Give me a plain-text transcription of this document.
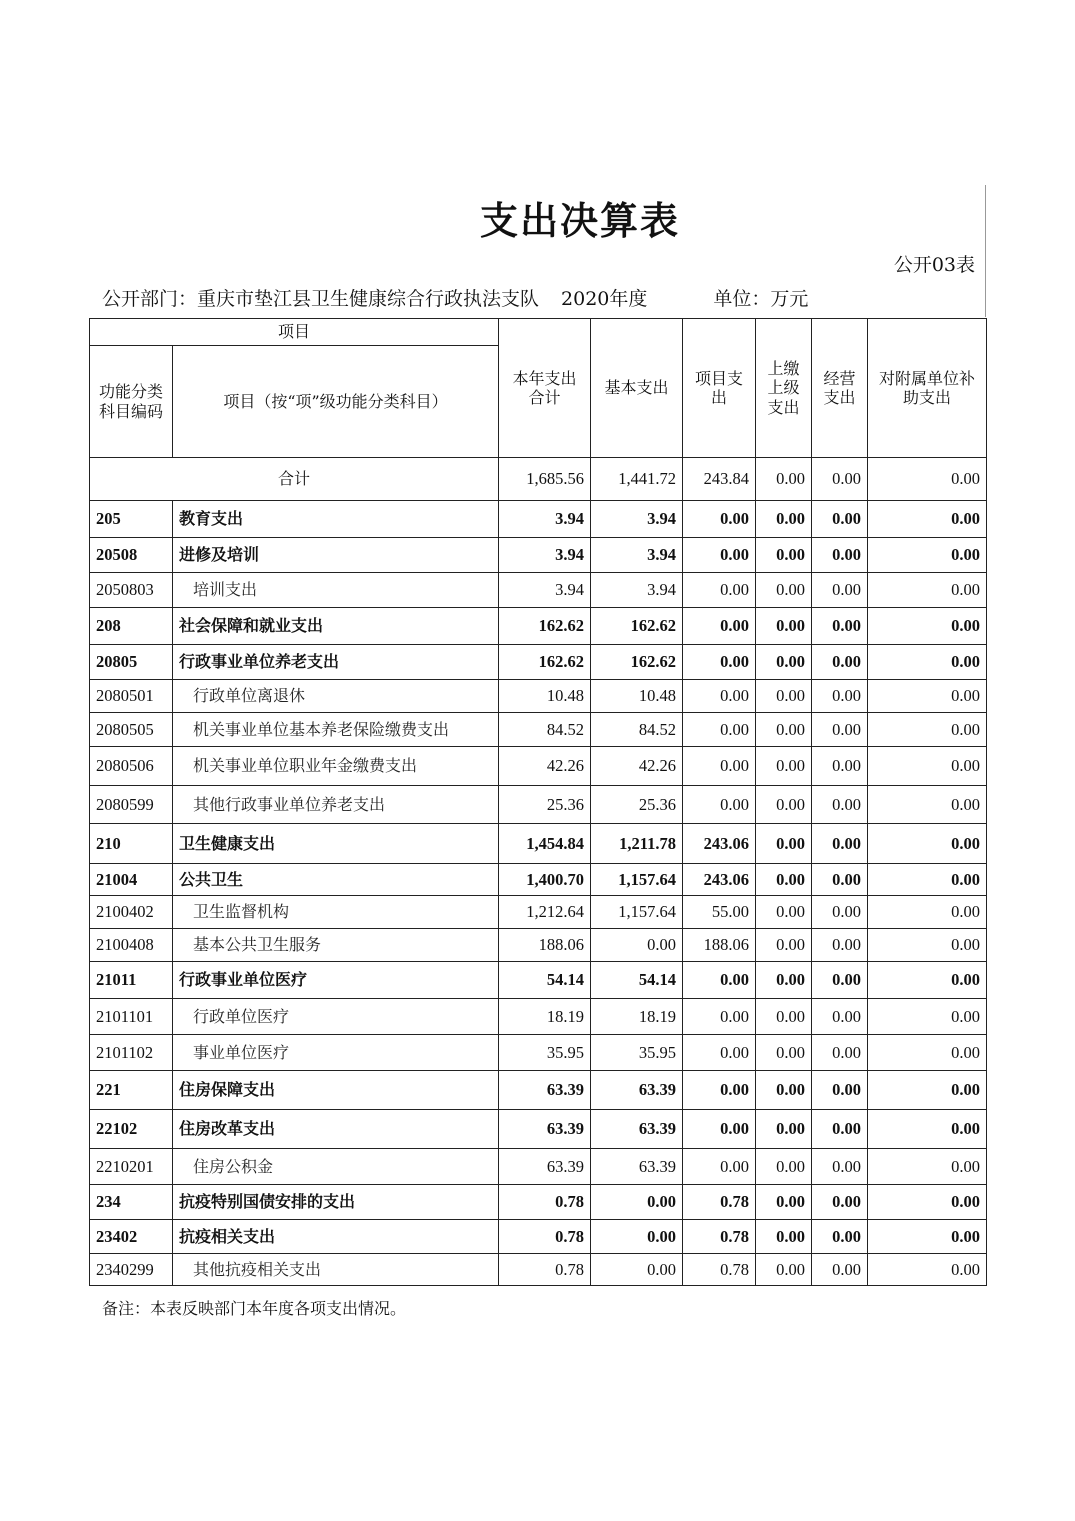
支出决算表
公开03表
公开部门：重庆市垫江县卫生健康综合行政执法支队 2020年度	单位：万元
项目		本年支出合计	基本支出	项目支出	上缴上级支出	经营支出	对附属单位补助支出
功能分类科目编码	项目（按“项”级功能分类科目）						
合计		1,685.56	1,441.72	243.84	0.00	0.00	0.00
205	教育支出	3.94	3.94	0.00	0.00	0.00	0.00
20508	进修及培训	3.94	3.94	0.00	0.00	0.00	0.00
2050803	培训支出	3.94	3.94	0.00	0.00	0.00	0.00
208	社会保障和就业支出	162.62	162.62	0.00	0.00	0.00	0.00
20805	行政事业单位养老支出	162.62	162.62	0.00	0.00	0.00	0.00
2080501	行政单位离退休	10.48	10.48	0.00	0.00	0.00	0.00
2080505	机关事业单位基本养老保险缴费支出	84.52	84.52	0.00	0.00	0.00	0.00
2080506	机关事业单位职业年金缴费支出	42.26	42.26	0.00	0.00	0.00	0.00
2080599	其他行政事业单位养老支出	25.36	25.36	0.00	0.00	0.00	0.00
210	卫生健康支出	1,454.84	1,211.78	243.06	0.00	0.00	0.00
21004	公共卫生	1,400.70	1,157.64	243.06	0.00	0.00	0.00
2100402	卫生监督机构	1,212.64	1,157.64	55.00	0.00	0.00	0.00
2100408	基本公共卫生服务	188.06	0.00	188.06	0.00	0.00	0.00
21011	行政事业单位医疗	54.14	54.14	0.00	0.00	0.00	0.00
2101101	行政单位医疗	18.19	18.19	0.00	0.00	0.00	0.00
2101102	事业单位医疗	35.95	35.95	0.00	0.00	0.00	0.00
221	住房保障支出	63.39	63.39	0.00	0.00	0.00	0.00
22102	住房改革支出	63.39	63.39	0.00	0.00	0.00	0.00
2210201	住房公积金	63.39	63.39	0.00	0.00	0.00	0.00
234	抗疫特别国债安排的支出	0.78	0.00	0.78	0.00	0.00	0.00
23402	抗疫相关支出	0.78	0.00	0.78	0.00	0.00	0.00
2340299	其他抗疫相关支出	0.78	0.00	0.78	0.00	0.00	0.00
备注：本表反映部门本年度各项支出情况。
